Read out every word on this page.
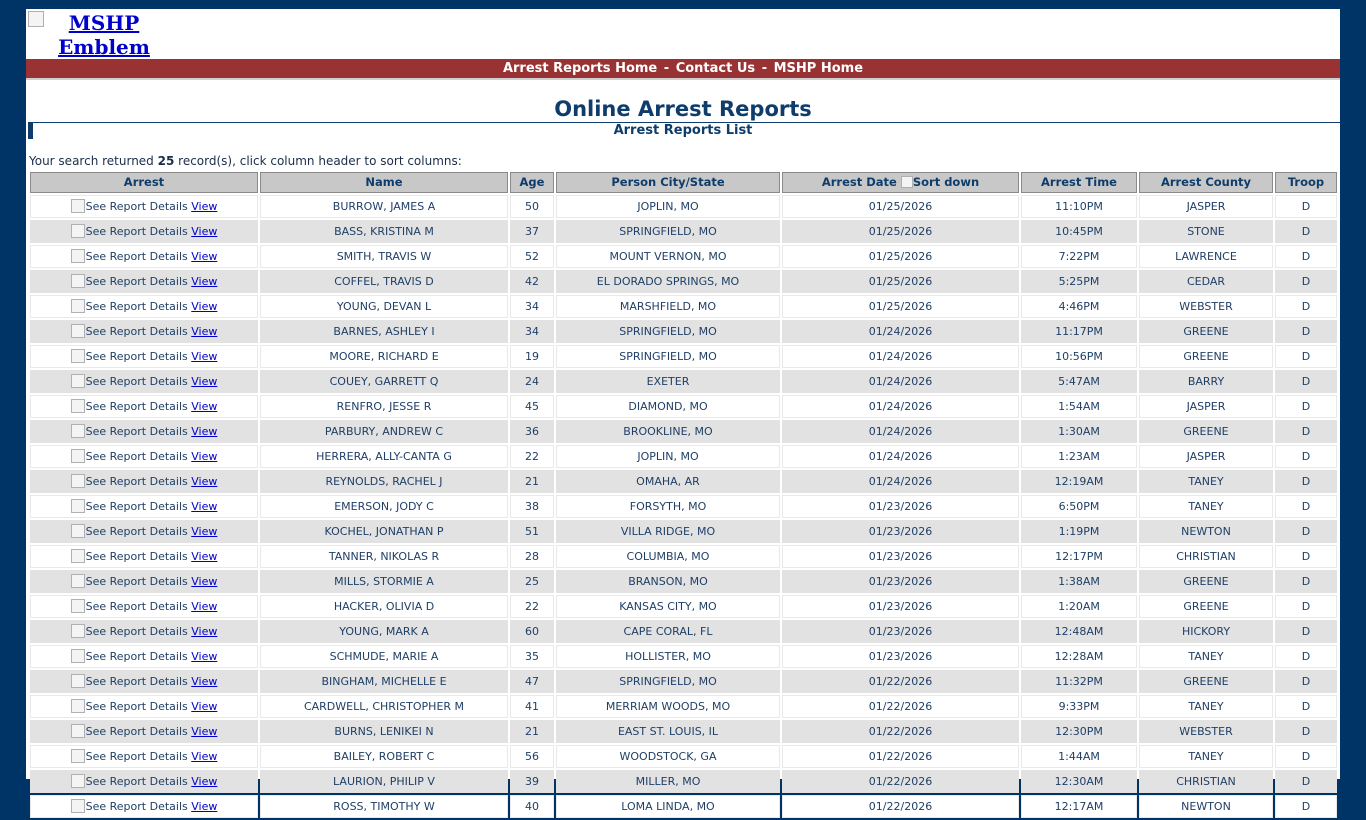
MSHP Emblem
Arrest Reports Home - Contact Us - MSHP Home
Online Arrest Reports
Arrest Reports List
Your search returned 25 record(s), click column header to sort columns:
Arrest	Name	Age	Person City/State	Arrest Date Sort down	Arrest Time	Arrest County	Troop
See Report Details View	BURROW, JAMES A	50	JOPLIN, MO	01/25/2026	11:10PM	JASPER	D
See Report Details View	BASS, KRISTINA M	37	SPRINGFIELD, MO	01/25/2026	10:45PM	STONE	D
See Report Details View	SMITH, TRAVIS W	52	MOUNT VERNON, MO	01/25/2026	7:22PM	LAWRENCE	D
See Report Details View	COFFEL, TRAVIS D	42	EL DORADO SPRINGS, MO	01/25/2026	5:25PM	CEDAR	D
See Report Details View	YOUNG, DEVAN L	34	MARSHFIELD, MO	01/25/2026	4:46PM	WEBSTER	D
See Report Details View	BARNES, ASHLEY I	34	SPRINGFIELD, MO	01/24/2026	11:17PM	GREENE	D
See Report Details View	MOORE, RICHARD E	19	SPRINGFIELD, MO	01/24/2026	10:56PM	GREENE	D
See Report Details View	COUEY, GARRETT Q	24	EXETER	01/24/2026	5:47AM	BARRY	D
See Report Details View	RENFRO, JESSE R	45	DIAMOND, MO	01/24/2026	1:54AM	JASPER	D
See Report Details View	PARBURY, ANDREW C	36	BROOKLINE, MO	01/24/2026	1:30AM	GREENE	D
See Report Details View	HERRERA, ALLY-CANTA G	22	JOPLIN, MO	01/24/2026	1:23AM	JASPER	D
See Report Details View	REYNOLDS, RACHEL J	21	OMAHA, AR	01/24/2026	12:19AM	TANEY	D
See Report Details View	EMERSON, JODY C	38	FORSYTH, MO	01/23/2026	6:50PM	TANEY	D
See Report Details View	KOCHEL, JONATHAN P	51	VILLA RIDGE, MO	01/23/2026	1:19PM	NEWTON	D
See Report Details View	TANNER, NIKOLAS R	28	COLUMBIA, MO	01/23/2026	12:17PM	CHRISTIAN	D
See Report Details View	MILLS, STORMIE A	25	BRANSON, MO	01/23/2026	1:38AM	GREENE	D
See Report Details View	HACKER, OLIVIA D	22	KANSAS CITY, MO	01/23/2026	1:20AM	GREENE	D
See Report Details View	YOUNG, MARK A	60	CAPE CORAL, FL	01/23/2026	12:48AM	HICKORY	D
See Report Details View	SCHMUDE, MARIE A	35	HOLLISTER, MO	01/23/2026	12:28AM	TANEY	D
See Report Details View	BINGHAM, MICHELLE E	47	SPRINGFIELD, MO	01/22/2026	11:32PM	GREENE	D
See Report Details View	CARDWELL, CHRISTOPHER M	41	MERRIAM WOODS, MO	01/22/2026	9:33PM	TANEY	D
See Report Details View	BURNS, LENIKEI N	21	EAST ST. LOUIS, IL	01/22/2026	12:30PM	WEBSTER	D
See Report Details View	BAILEY, ROBERT C	56	WOODSTOCK, GA	01/22/2026	1:44AM	TANEY	D
See Report Details View	LAURION, PHILIP V	39	MILLER, MO	01/22/2026	12:30AM	CHRISTIAN	D
See Report Details View	ROSS, TIMOTHY W	40	LOMA LINDA, MO	01/22/2026	12:17AM	NEWTON	D
